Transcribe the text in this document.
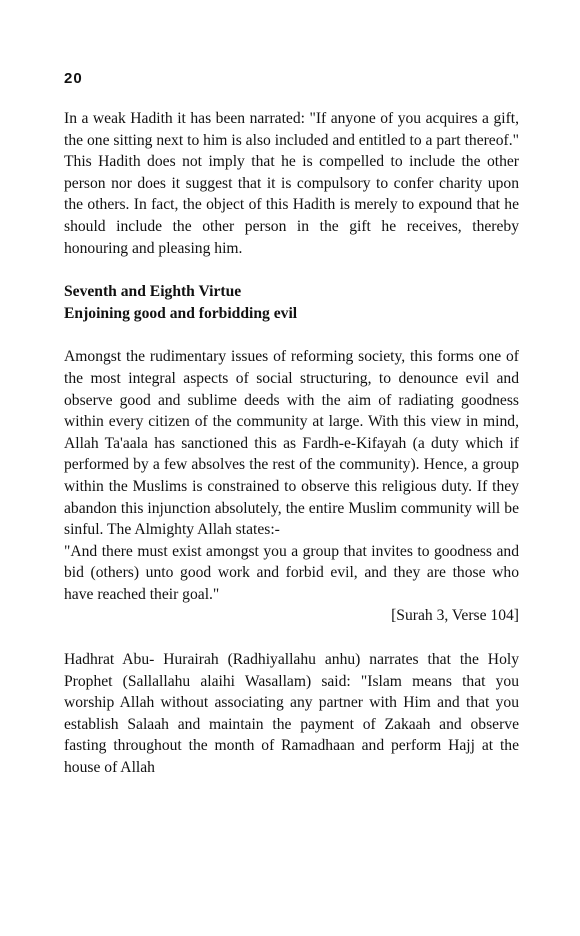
20

In a weak Hadith it has been narrated: "If anyone of you acquires a gift, the one sitting next to him is also included and entitled to a part thereof." This Hadith does not imply that he is compelled to include the other person nor does it suggest that it is compulsory to confer charity upon the others. In fact, the object of this Hadith is merely to expound that he should include the other person in the gift he receives, thereby honouring and pleasing him.

Seventh and Eighth Virtue
Enjoining good and forbidding evil

Amongst the rudimentary issues of reforming society, this forms one of the most integral aspects of social structuring, to denounce evil and observe good and sublime deeds with the aim of radiating goodness within every citizen of the community at large. With this view in mind, Allah Ta'aala has sanctioned this as Fardh-e-Kifayah (a duty which if performed by a few absolves the rest of the community). Hence, a group within the Muslims is constrained to observe this religious duty. If they abandon this injunction absolutely, the entire Muslim community will be sinful. The Almighty Allah states:-

"And there must exist amongst you a group that invites to goodness and bid (others) unto good work and forbid evil, and they are those who have reached their goal."

[Surah 3, Verse 104]

Hadhrat Abu- Hurairah (Radhiyallahu anhu) narrates that the Holy Prophet (Sallallahu alaihi Wasallam) said: "Islam means that you worship Allah without associating any partner with Him and that you establish Salaah and maintain the payment of Zakaah and observe fasting throughout the month of Ramadhaan and perform Hajj at the house of Allah
